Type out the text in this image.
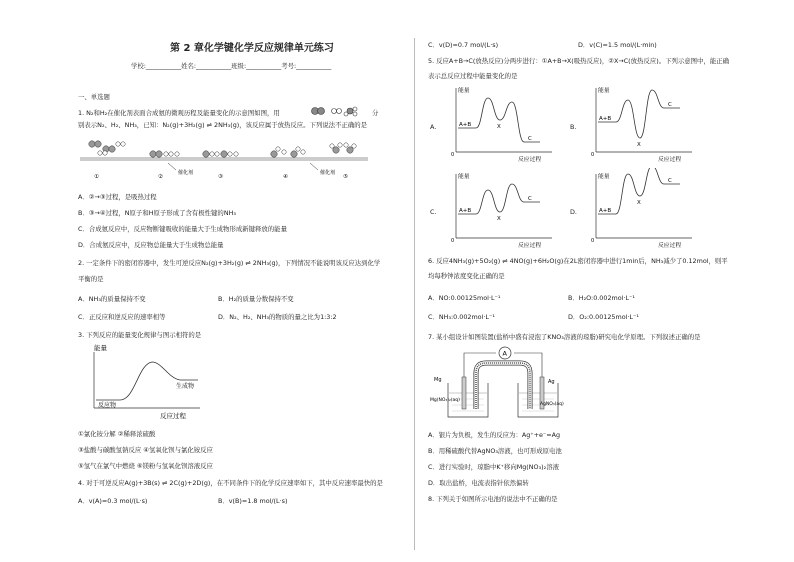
第 2 章化学键化学反应规律单元练习
学校:___________姓名:___________班级:___________考号:___________
一、单选题
1. N₂和H₂在催化剂表面合成氨的微观历程及能量变化的示意图如图，用	分
别表示N₂、H₂、NH₃，已知：N₂(g)+3H₂(g) ⇌ 2NH₃(g)，该反应属于放热反应。下列说法不正确的是
①	②	③	④	⑤
催化剂	催化剂
A．②→③过程，是吸热过程
B．③→④过程，N原子和H原子形成了含有极性键的NH₃
C．合成氨反应中，反应物断键吸收的能量大于生成物形成新键释放的能量
D．合成氨反应中，反应物总能量大于生成物总能量
2. 一定条件下的密闭容器中，发生可逆反应N₂(g)+3H₂(g) ⇌ 2NH₃(g)，下列情况不能说明该反应达到化学
平衡的是
A．NH₃的质量保持不变	B．H₂的质量分数保持不变
C．正反应和逆反应的速率相等	D．N₂、H₂、NH₃的物质的量之比为1:3:2
3. 下列反应的能量变化规律与图示相符的是
能量
反应过程
反应物
生成物
①氯化铵分解 ②稀释浓硫酸
③盐酸与碳酸氢钠反应 ④氢氧化钡与氯化铵反应
⑤氢气在氯气中燃烧 ⑥镁粉与氢氧化钡溶液反应
4. 对于可逆反应A(g)+3B(s) ⇌ 2C(g)+2D(g)，在不同条件下的化学反应速率如下，其中反应速率最快的是
A．v(A)=0.3 mol/(L·s)	B．v(B)=1.8 mol/(L·s)
C．v(D)=0.7 mol/(L·s)	D．v(C)=1.5 mol/(L·min)
5. 反应A+B→C(放热反应)分两步进行：①A+B→X(吸热反应)，②X→C(放热反应)。下列示意图中，能正确
表示总反应过程中能量变化的是
A.
能量
反应过程
A+B	X
C
0
B.
能量
反应过程
A+B
X
C
0
C.
能量
反应过程
A+B
X
C
0
D.
能量
反应过程
A+B
X
C
0
6. 反应4NH₃(g)+5O₂(g) ⇌ 4NO(g)+6H₂O(g)在2L密闭容器中进行1min后，NH₃减少了0.12mol，则平
均每秒钟浓度变化正确的是
A．NO:0.00125mol·L⁻¹	B．H₂O:0.002mol·L⁻¹
C．NH₃:0.002mol·L⁻¹	D．O₂:0.00125mol·L⁻¹
7. 某小组设计如图装置(盐桥中盛有浸泡了KNO₃溶液的琼脂)研究电化学原理。下列叙述正确的是
A
Mg	Ag
Mg(NO₃)₂(aq)
AgNO₃(aq)
A．银片为负极，发生的反应为：Ag⁺+e⁻=Ag
B．用稀硫酸代替AgNO₃溶液，也可形成原电池
C．进行实验时，琼脂中K⁺移向Mg(NO₃)₂溶液
D．取出盐桥，电流表指针依然偏转
8. 下列关于如图所示电池的说法中不正确的是
